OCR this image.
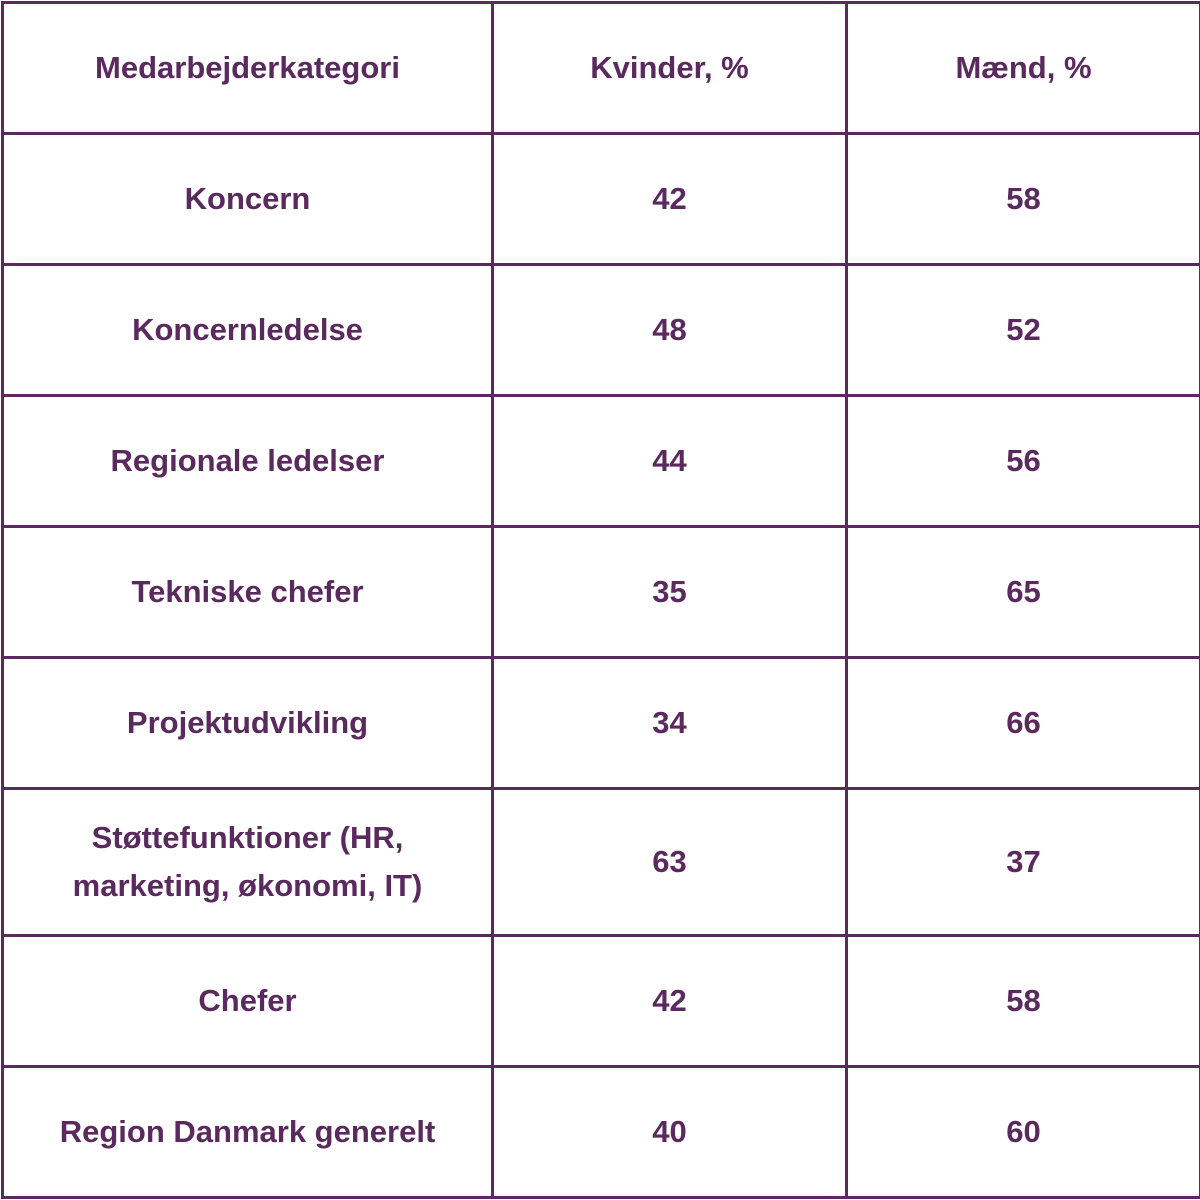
Medarbejderkategori	Kvinder, %	Mænd, %
Koncern	42	58
Koncernledelse	48	52
Regionale ledelser	44	56
Tekniske chefer	35	65
Projektudvikling	34	66
Støttefunktioner (HR, marketing, økonomi, IT)	63	37
Chefer	42	58
Region Danmark generelt	40	60
